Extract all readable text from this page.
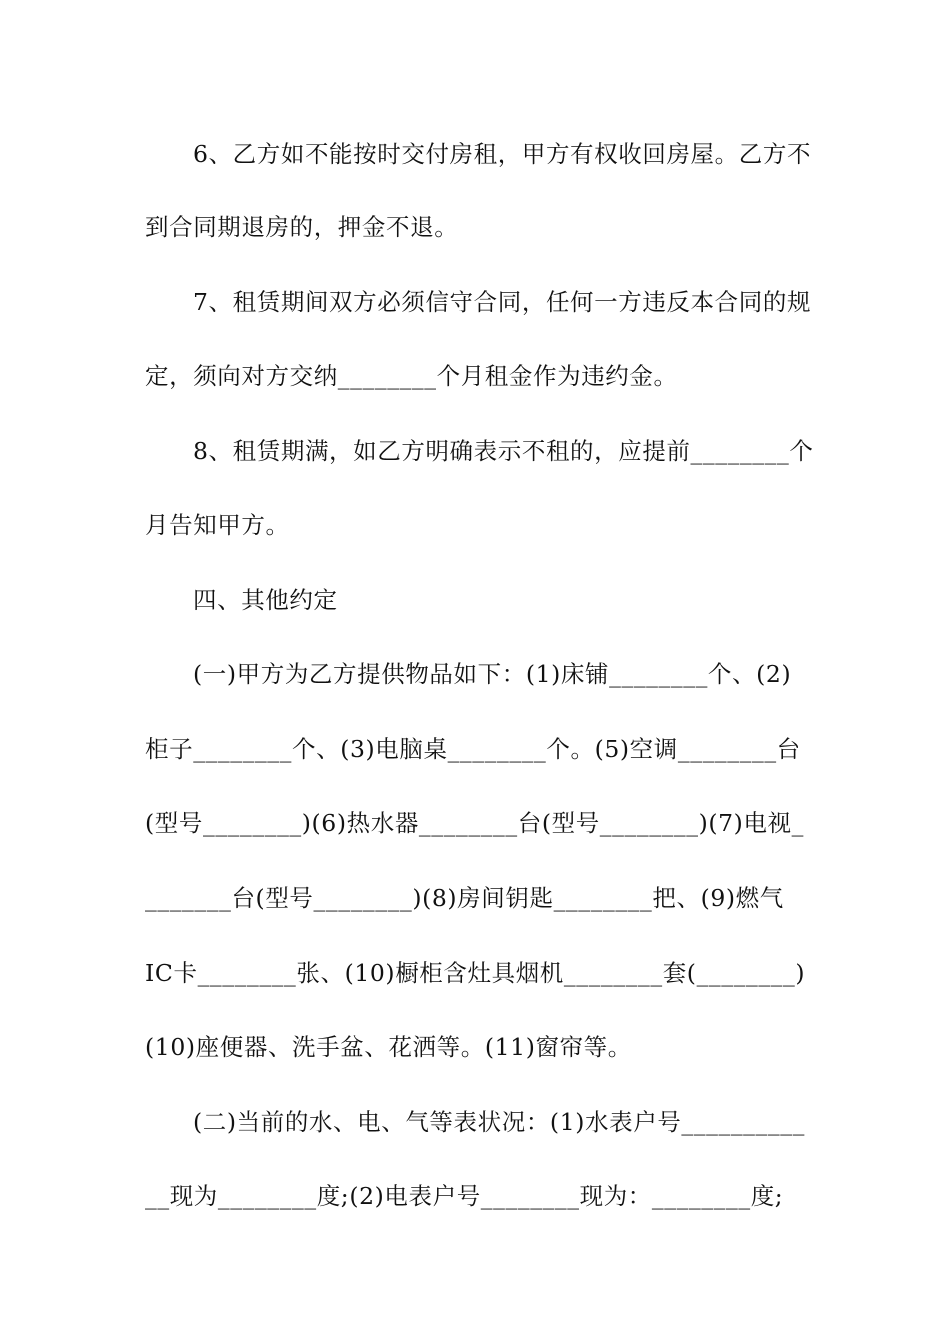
6、乙方如不能按时交付房租，甲方有权收回房屋。乙方不
到合同期退房的，押金不退。
7、租赁期间双方必须信守合同，任何一方违反本合同的规
定，须向对方交纳________个月租金作为违约金。
8、租赁期满，如乙方明确表示不租的，应提前________个
月告知甲方。
四、其他约定
(一)甲方为乙方提供物品如下：(1)床铺________个、(2)
柜子________个、(3)电脑桌________个。(5)空调________台
(型号________)(6)热水器________台(型号________)(7)电视_
_______台(型号________)(8)房间钥匙________把、(9)燃气
IC卡________张、(10)橱柜含灶具烟机________套(________)
(10)座便器、洗手盆、花洒等。(11)窗帘等。
(二)当前的水、电、气等表状况：(1)水表户号__________
__现为________度;(2)电表户号________现为：________度;
